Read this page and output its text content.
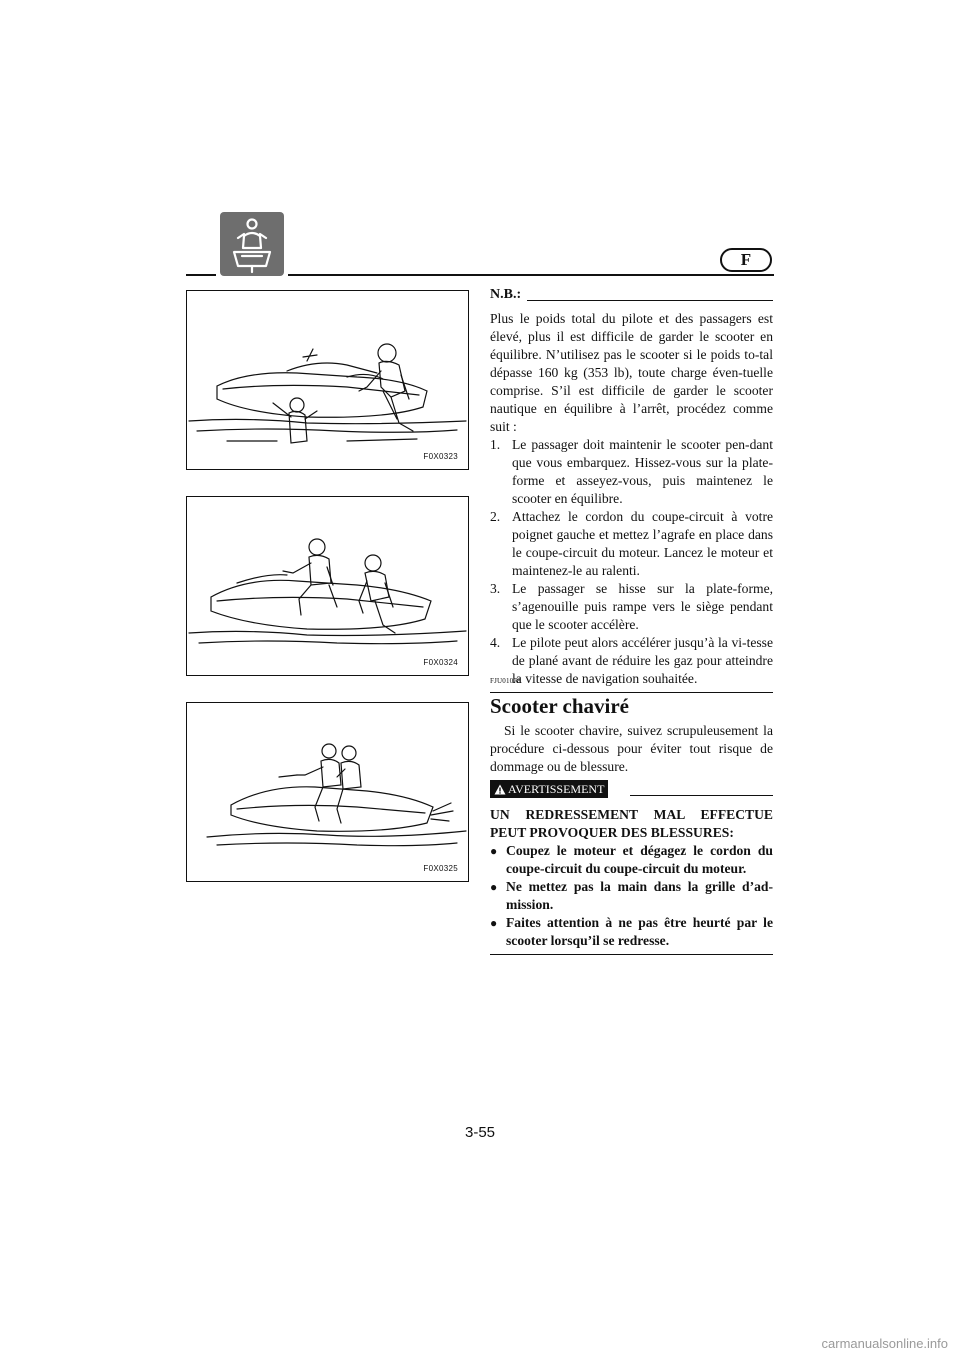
F
F0X0323
F0X0324
F0X0325
N.B.:
Plus le poids total du pilote et des passagers est élevé, plus il est difficile de garder le scooter en équilibre. N’utilisez pas le scooter si le poids to-tal dépasse 160 kg (353 lb), toute charge éven-tuelle comprise. S’il est difficile de garder le scooter nautique en équilibre à l’arrêt, procédez comme suit :
1. Le passager doit maintenir le scooter pen-dant que vous embarquez. Hissez-vous sur la plate-forme et asseyez-vous, puis maintenez le scooter en équilibre.
2. Attachez le cordon du coupe-circuit à votre poignet gauche et mettez l’agrafe en place dans le coupe-circuit du moteur. Lancez le moteur et maintenez-le au ralenti.
3. Le passager se hisse sur la plate-forme, s’agenouille puis rampe vers le siège pendant que le scooter accélère.
4. Le pilote peut alors accélérer jusqu’à la vi-tesse de plané avant de réduire les gaz pour atteindre la vitesse de navigation souhaitée.
FJU01078
Scooter chaviré
Si le scooter chavire, suivez scrupuleusement la procédure ci-dessous pour éviter tout risque de dommage ou de blessure.
AVERTISSEMENT
UN REDRESSEMENT MAL EFFECTUE PEUT PROVOQUER DES BLESSURES:
● Coupez le moteur et dégagez le cordon du coupe-circuit du coupe-circuit du moteur.
● Ne mettez pas la main dans la grille d’ad-mission.
● Faites attention à ne pas être heurté par le scooter lorsqu’il se redresse.
3-55
carmanualsonline.info
